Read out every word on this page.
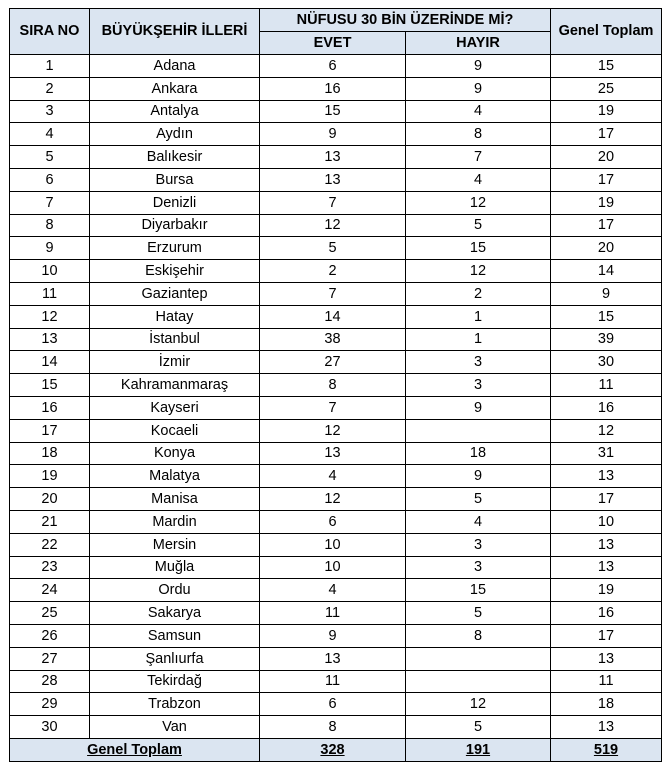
SIRA NO	BÜYÜKŞEHİR İLLERİ	NÜFUSU 30 BİN ÜZERİNDE Mİ?		Genel Toplam
		EVET	HAYIR	
1	Adana	6	9	15
2	Ankara	16	9	25
3	Antalya	15	4	19
4	Aydın	9	8	17
5	Balıkesir	13	7	20
6	Bursa	13	4	17
7	Denizli	7	12	19
8	Diyarbakır	12	5	17
9	Erzurum	5	15	20
10	Eskişehir	2	12	14
11	Gaziantep	7	2	9
12	Hatay	14	1	15
13	İstanbul	38	1	39
14	İzmir	27	3	30
15	Kahramanmaraş	8	3	11
16	Kayseri	7	9	16
17	Kocaeli	12		12
18	Konya	13	18	31
19	Malatya	4	9	13
20	Manisa	12	5	17
21	Mardin	6	4	10
22	Mersin	10	3	13
23	Muğla	10	3	13
24	Ordu	4	15	19
25	Sakarya	11	5	16
26	Samsun	9	8	17
27	Şanlıurfa	13		13
28	Tekirdağ	11		11
29	Trabzon	6	12	18
30	Van	8	5	13
Genel Toplam		328	191	519
